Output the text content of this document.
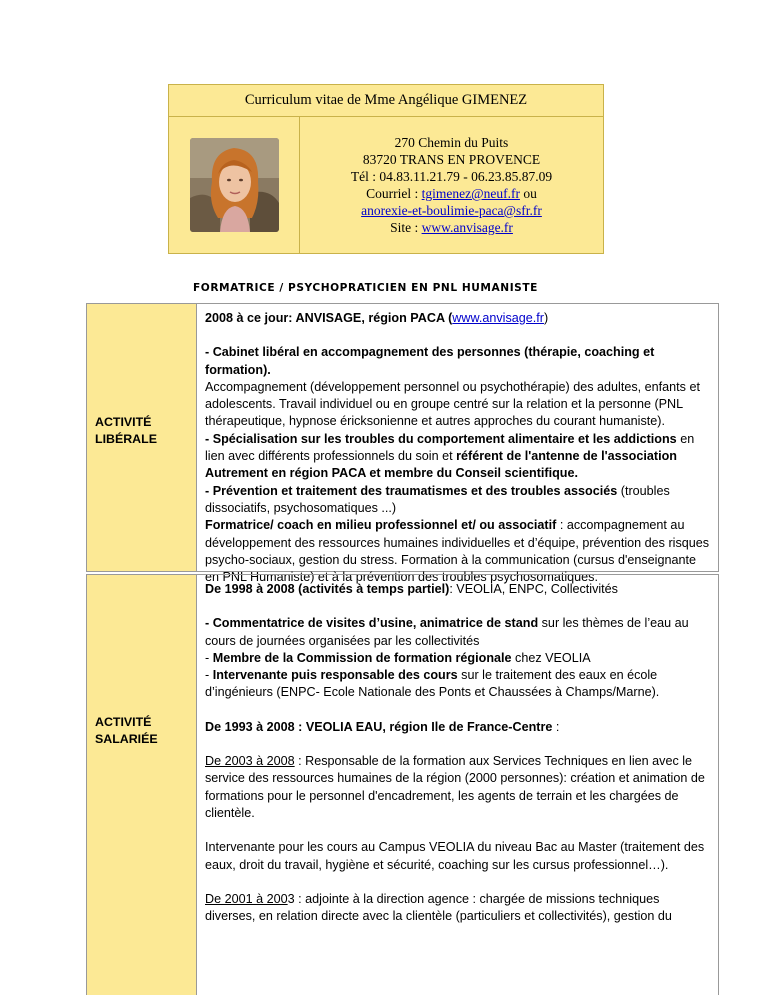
Curriculum vitae de Mme Angélique GIMENEZ
270 Chemin du Puits
83720 TRANS EN PROVENCE
Tél : 04.83.11.21.79 - 06.23.85.87.09
Courriel : tgimenez@neuf.fr ou
anorexie-et-boulimie-paca@sfr.fr
Site : www.anvisage.fr
FORMATRICE / PSYCHOPRATICIEN EN PNL HUMANISTE
ACTIVITÉ
LIBÉRALE

2008 à ce jour: ANVISAGE, région PACA (www.anvisage.fr)

- Cabinet libéral en accompagnement des personnes (thérapie, coaching et formation).

Accompagnement (développement personnel ou psychothérapie) des adultes, enfants et adolescents. Travail individuel ou en groupe centré sur la relation et la personne (PNL thérapeutique, hypnose éricksonienne et autres approches du courant humaniste).

- Spécialisation sur les troubles du comportement alimentaire et les addictions en lien avec différents professionnels du soin et référent de l'antenne de l'association Autrement en région PACA et membre du Conseil scientifique.

- Prévention et traitement des traumatismes et des troubles associés (troubles dissociatifs, psychosomatiques ...)

Formatrice/ coach en milieu professionnel et/ ou associatif : accompagnement au développement des ressources humaines individuelles et d’équipe, prévention des risques psycho-sociaux, gestion du stress. Formation à la communication (cursus d'enseignante en PNL Humaniste) et à la prévention des troubles psychosomatiques.

ACTIVITÉ
SALARIÉE

De 1998 à 2008 (activités à temps partiel): VEOLIA, ENPC, Collectivités

- Commentatrice de visites d’usine, animatrice de stand sur les thèmes de l’eau au cours de journées organisées par les collectivités

- Membre de la Commission de formation régionale chez VEOLIA

- Intervenante puis responsable des cours sur le traitement des eaux en école d’ingénieurs (ENPC- Ecole Nationale des Ponts et Chaussées à Champs/Marne).

De 1993 à 2008 : VEOLIA EAU, région Ile de France-Centre :

De 2003 à 2008 : Responsable de la formation aux Services Techniques en lien avec le service des ressources humaines de la région (2000 personnes): création et animation de formations pour le personnel d'encadrement, les agents de terrain et les chargées de clientèle.

Intervenante pour les cours au Campus VEOLIA du niveau Bac au Master (traitement des eaux, droit du travail, hygiène et sécurité, coaching sur les cursus professionnel…).

De 2001 à 2003 : adjointe à la direction agence : chargée de missions techniques diverses, en relation directe avec la clientèle (particuliers et collectivités), gestion du
